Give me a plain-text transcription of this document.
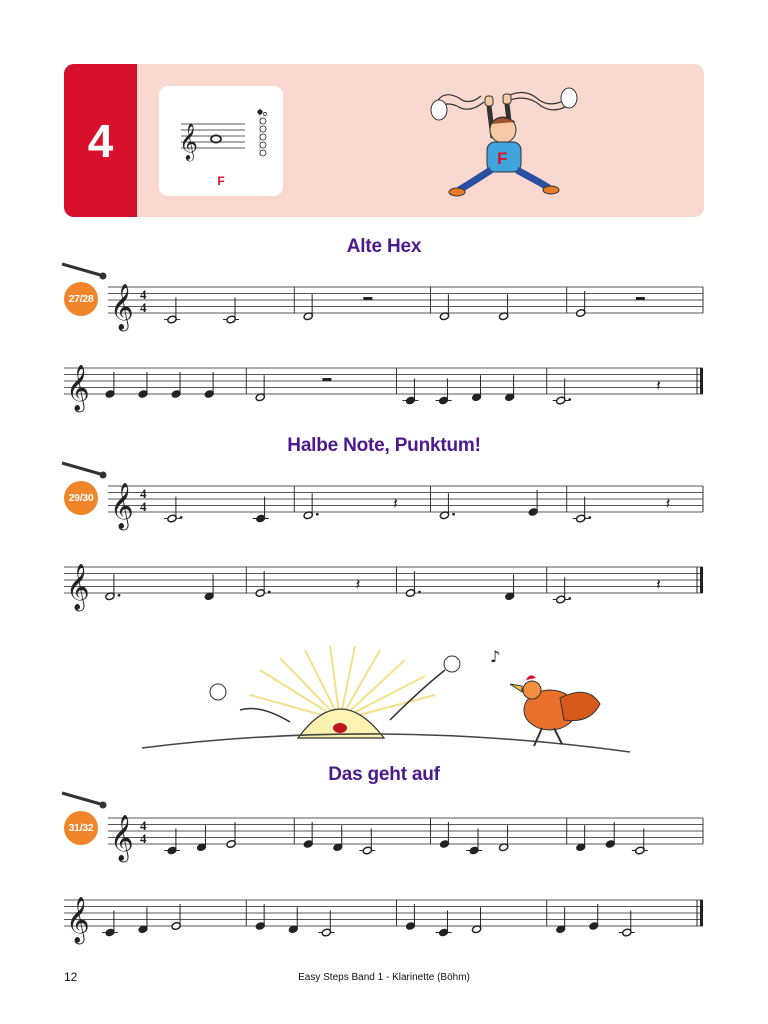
4	𝄞
F
F
Alte Hex
Halbe Note, Punktum!
Das geht auf
27/28
29/30
31/32
♪
𝄞 4
4
𝄞	𝄽
𝄞 4
4	𝄽	𝄽
𝄞	𝄽	𝄽
𝄞 4
4
𝄞
12	Easy Steps Band 1 - Klarinette (Böhm)
